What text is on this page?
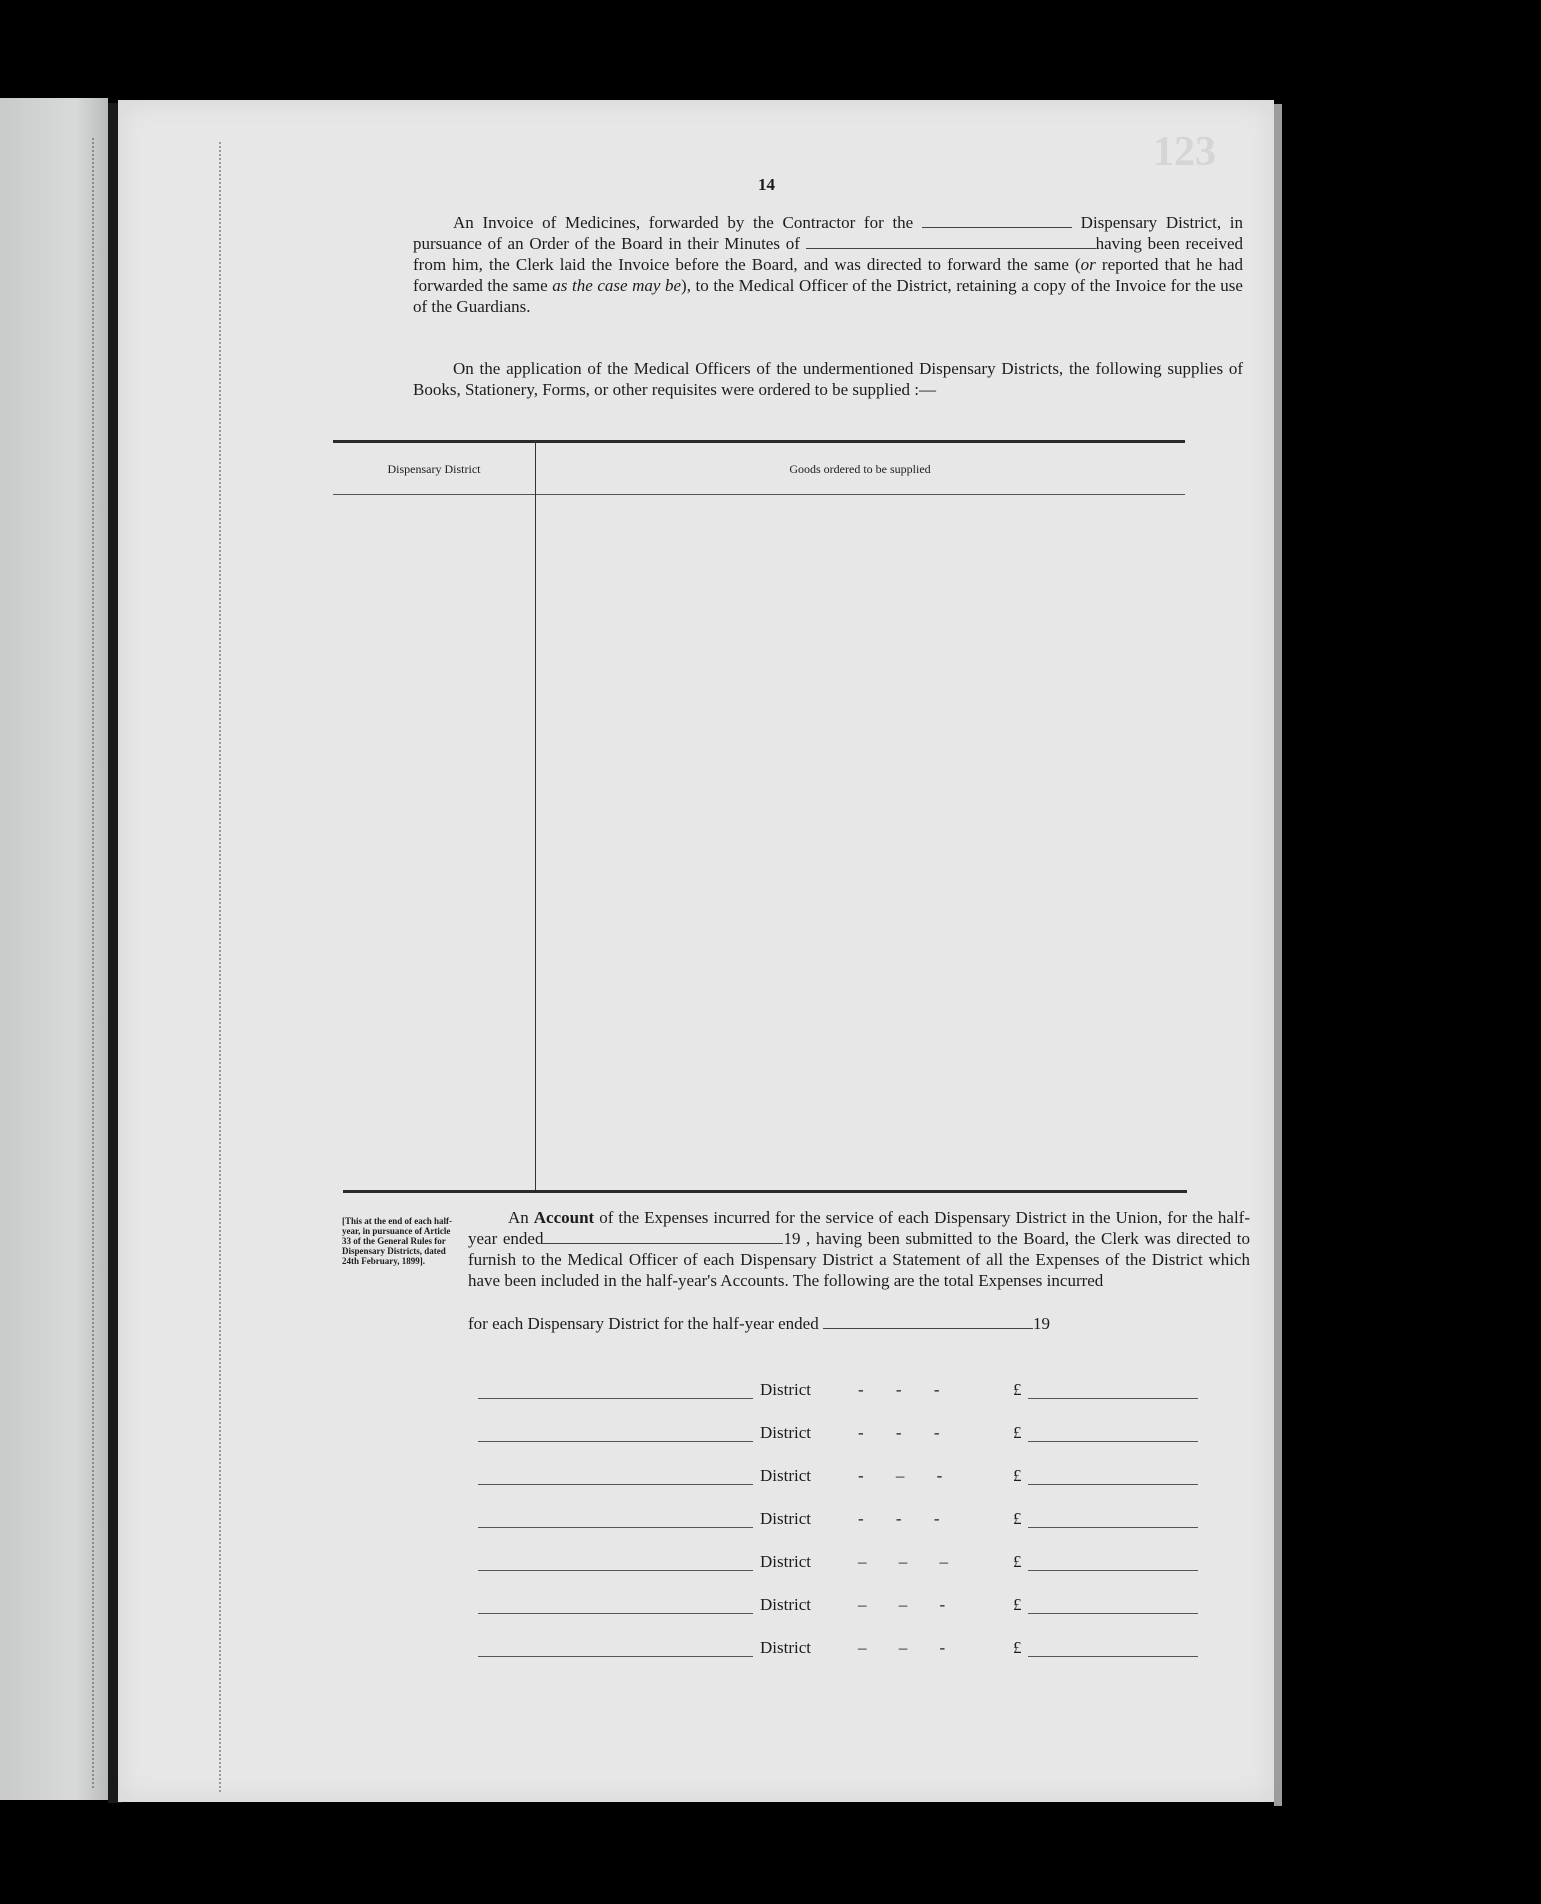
123
14
An Invoice of Medicines, forwarded by the Contractor for the	Dispensary District, in pursuance of an Order of the Board in their Minutes of	having been received from him, the Clerk laid the Invoice before the Board, and was directed to forward the same (or reported that he had forwarded the same as the case may be), to the Medical Officer of the District, retaining a copy of the Invoice for the use of the Guardians.
On the application of the Medical Officers of the undermentioned Dispensary Districts, the following supplies of Books, Stationery, Forms, or other requisites were ordered to be supplied :—
Dispensary District	Goods ordered to be supplied
[This at the end of each half-year, in pursuance of Article 33 of the General Rules for Dispensary Districts, dated 24th February, 1899].
An Account of the Expenses incurred for the service of each Dispensary District in the Union, for the half-year ended	19 , having been submitted to the Board, the Clerk was directed to furnish to the Medical Officer of each Dispensary District a Statement of all the Expenses of the District which have been included in the half-year's Accounts. The following are the total Expenses incurred
for each Dispensary District for the half-year ended	19
District	- - -	£
District	- - -	£
District	- – -	£
District	- - -	£
District	– – –	£
District	– – -	£
District	– – -	£
